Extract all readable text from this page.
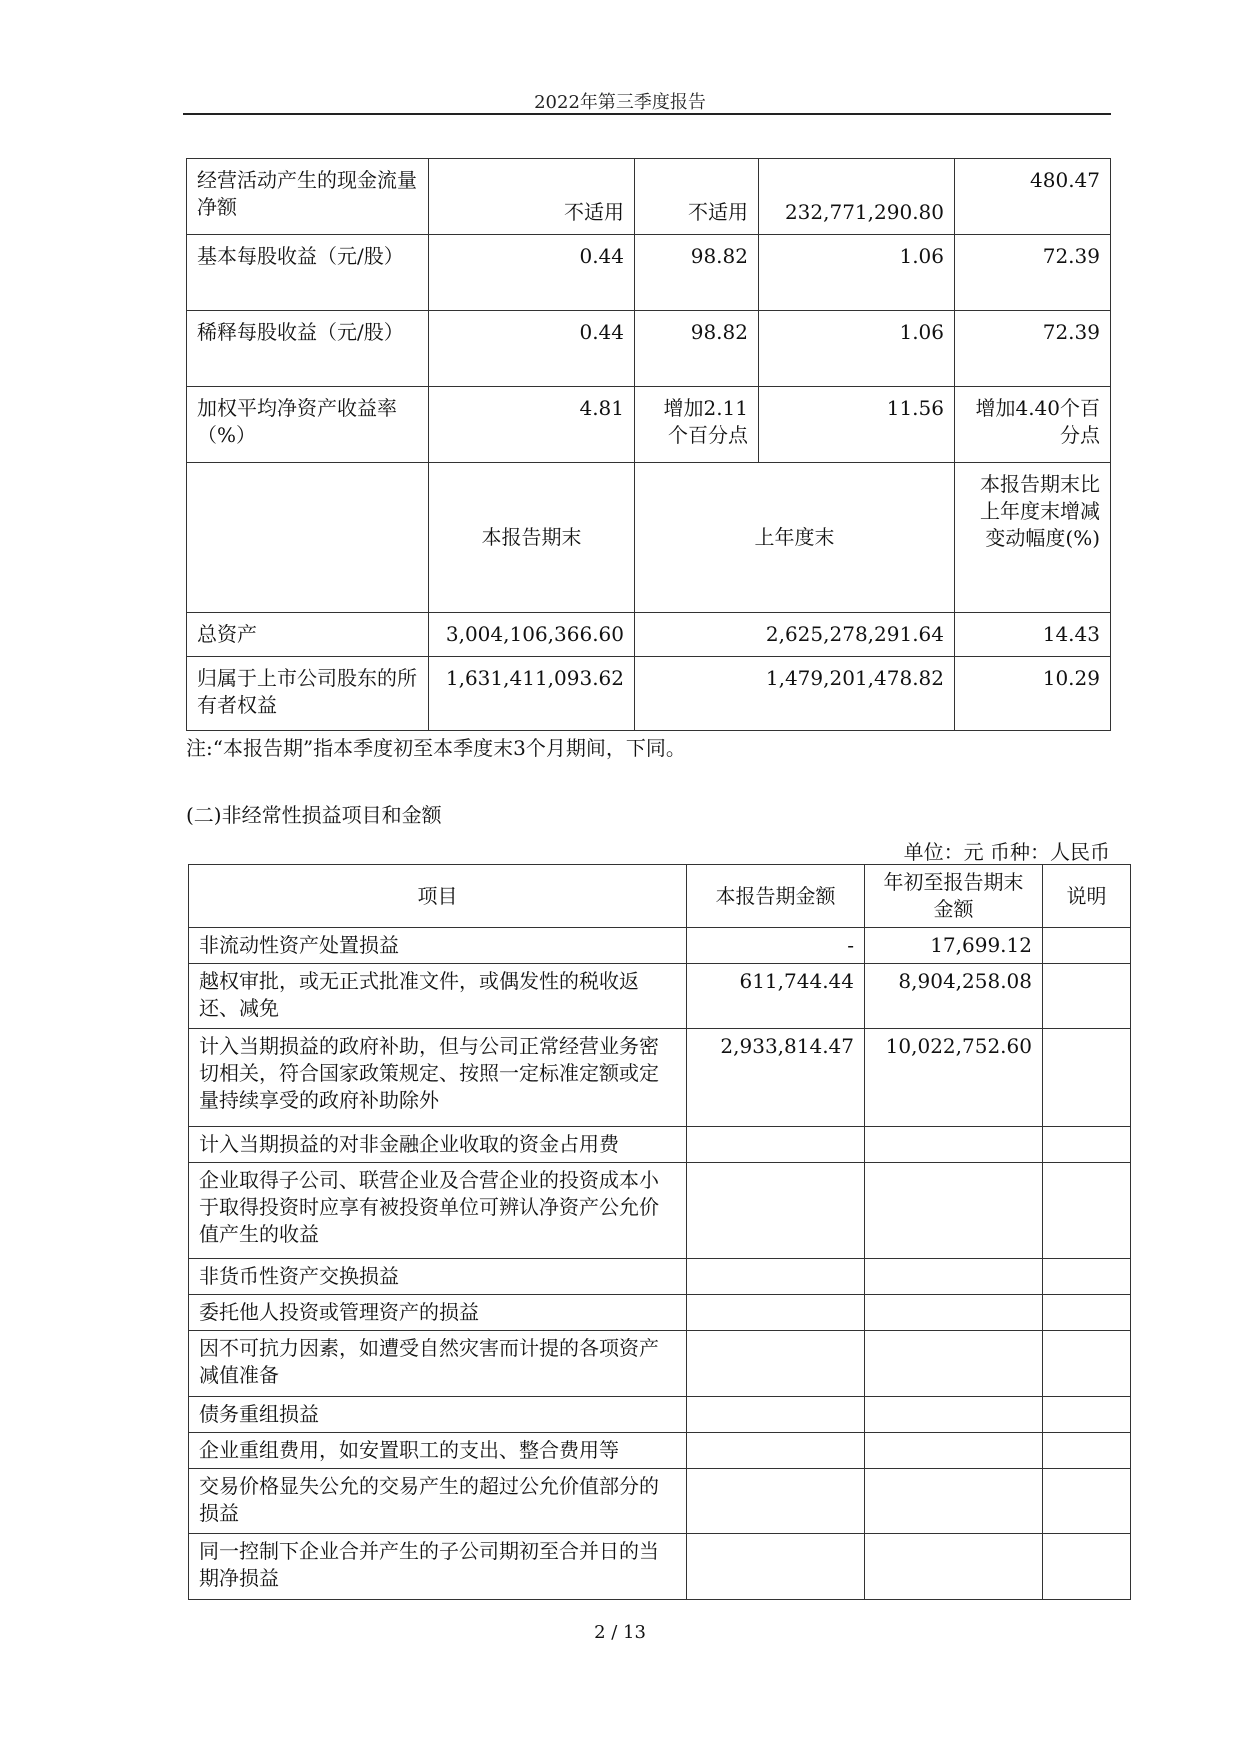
2022年第三季度报告
经营活动产生的现金流量净额	不适用	不适用	232,771,290.80	480.47
基本每股收益（元/股）	0.44	98.82	1.06	72.39
稀释每股收益（元/股）	0.44	98.82	1.06	72.39
加权平均净资产收益率（%）	4.81	增加2.11个百分点	11.56	增加4.40个百分点
	本报告期末	上年度末		本报告期末比上年度末增减变动幅度(%)
总资产	3,004,106,366.60	2,625,278,291.64		14.43
归属于上市公司股东的所有者权益	1,631,411,093.62	1,479,201,478.82		10.29
注:“本报告期”指本季度初至本季度末3个月期间，下同。
(二)非经常性损益项目和金额
单位：元 币种：人民币
项目	本报告期金额	年初至报告期末金额	说明
非流动性资产处置损益	-	17,699.12	
越权审批，或无正式批准文件，或偶发性的税收返还、减免	611,744.44	8,904,258.08	
计入当期损益的政府补助，但与公司正常经营业务密切相关，符合国家政策规定、按照一定标准定额或定量持续享受的政府补助除外	2,933,814.47	10,022,752.60	
计入当期损益的对非金融企业收取的资金占用费			
企业取得子公司、联营企业及合营企业的投资成本小于取得投资时应享有被投资单位可辨认净资产公允价值产生的收益			
非货币性资产交换损益			
委托他人投资或管理资产的损益			
因不可抗力因素，如遭受自然灾害而计提的各项资产减值准备			
债务重组损益			
企业重组费用，如安置职工的支出、整合费用等			
交易价格显失公允的交易产生的超过公允价值部分的损益			
同一控制下企业合并产生的子公司期初至合并日的当期净损益			
2 / 13
